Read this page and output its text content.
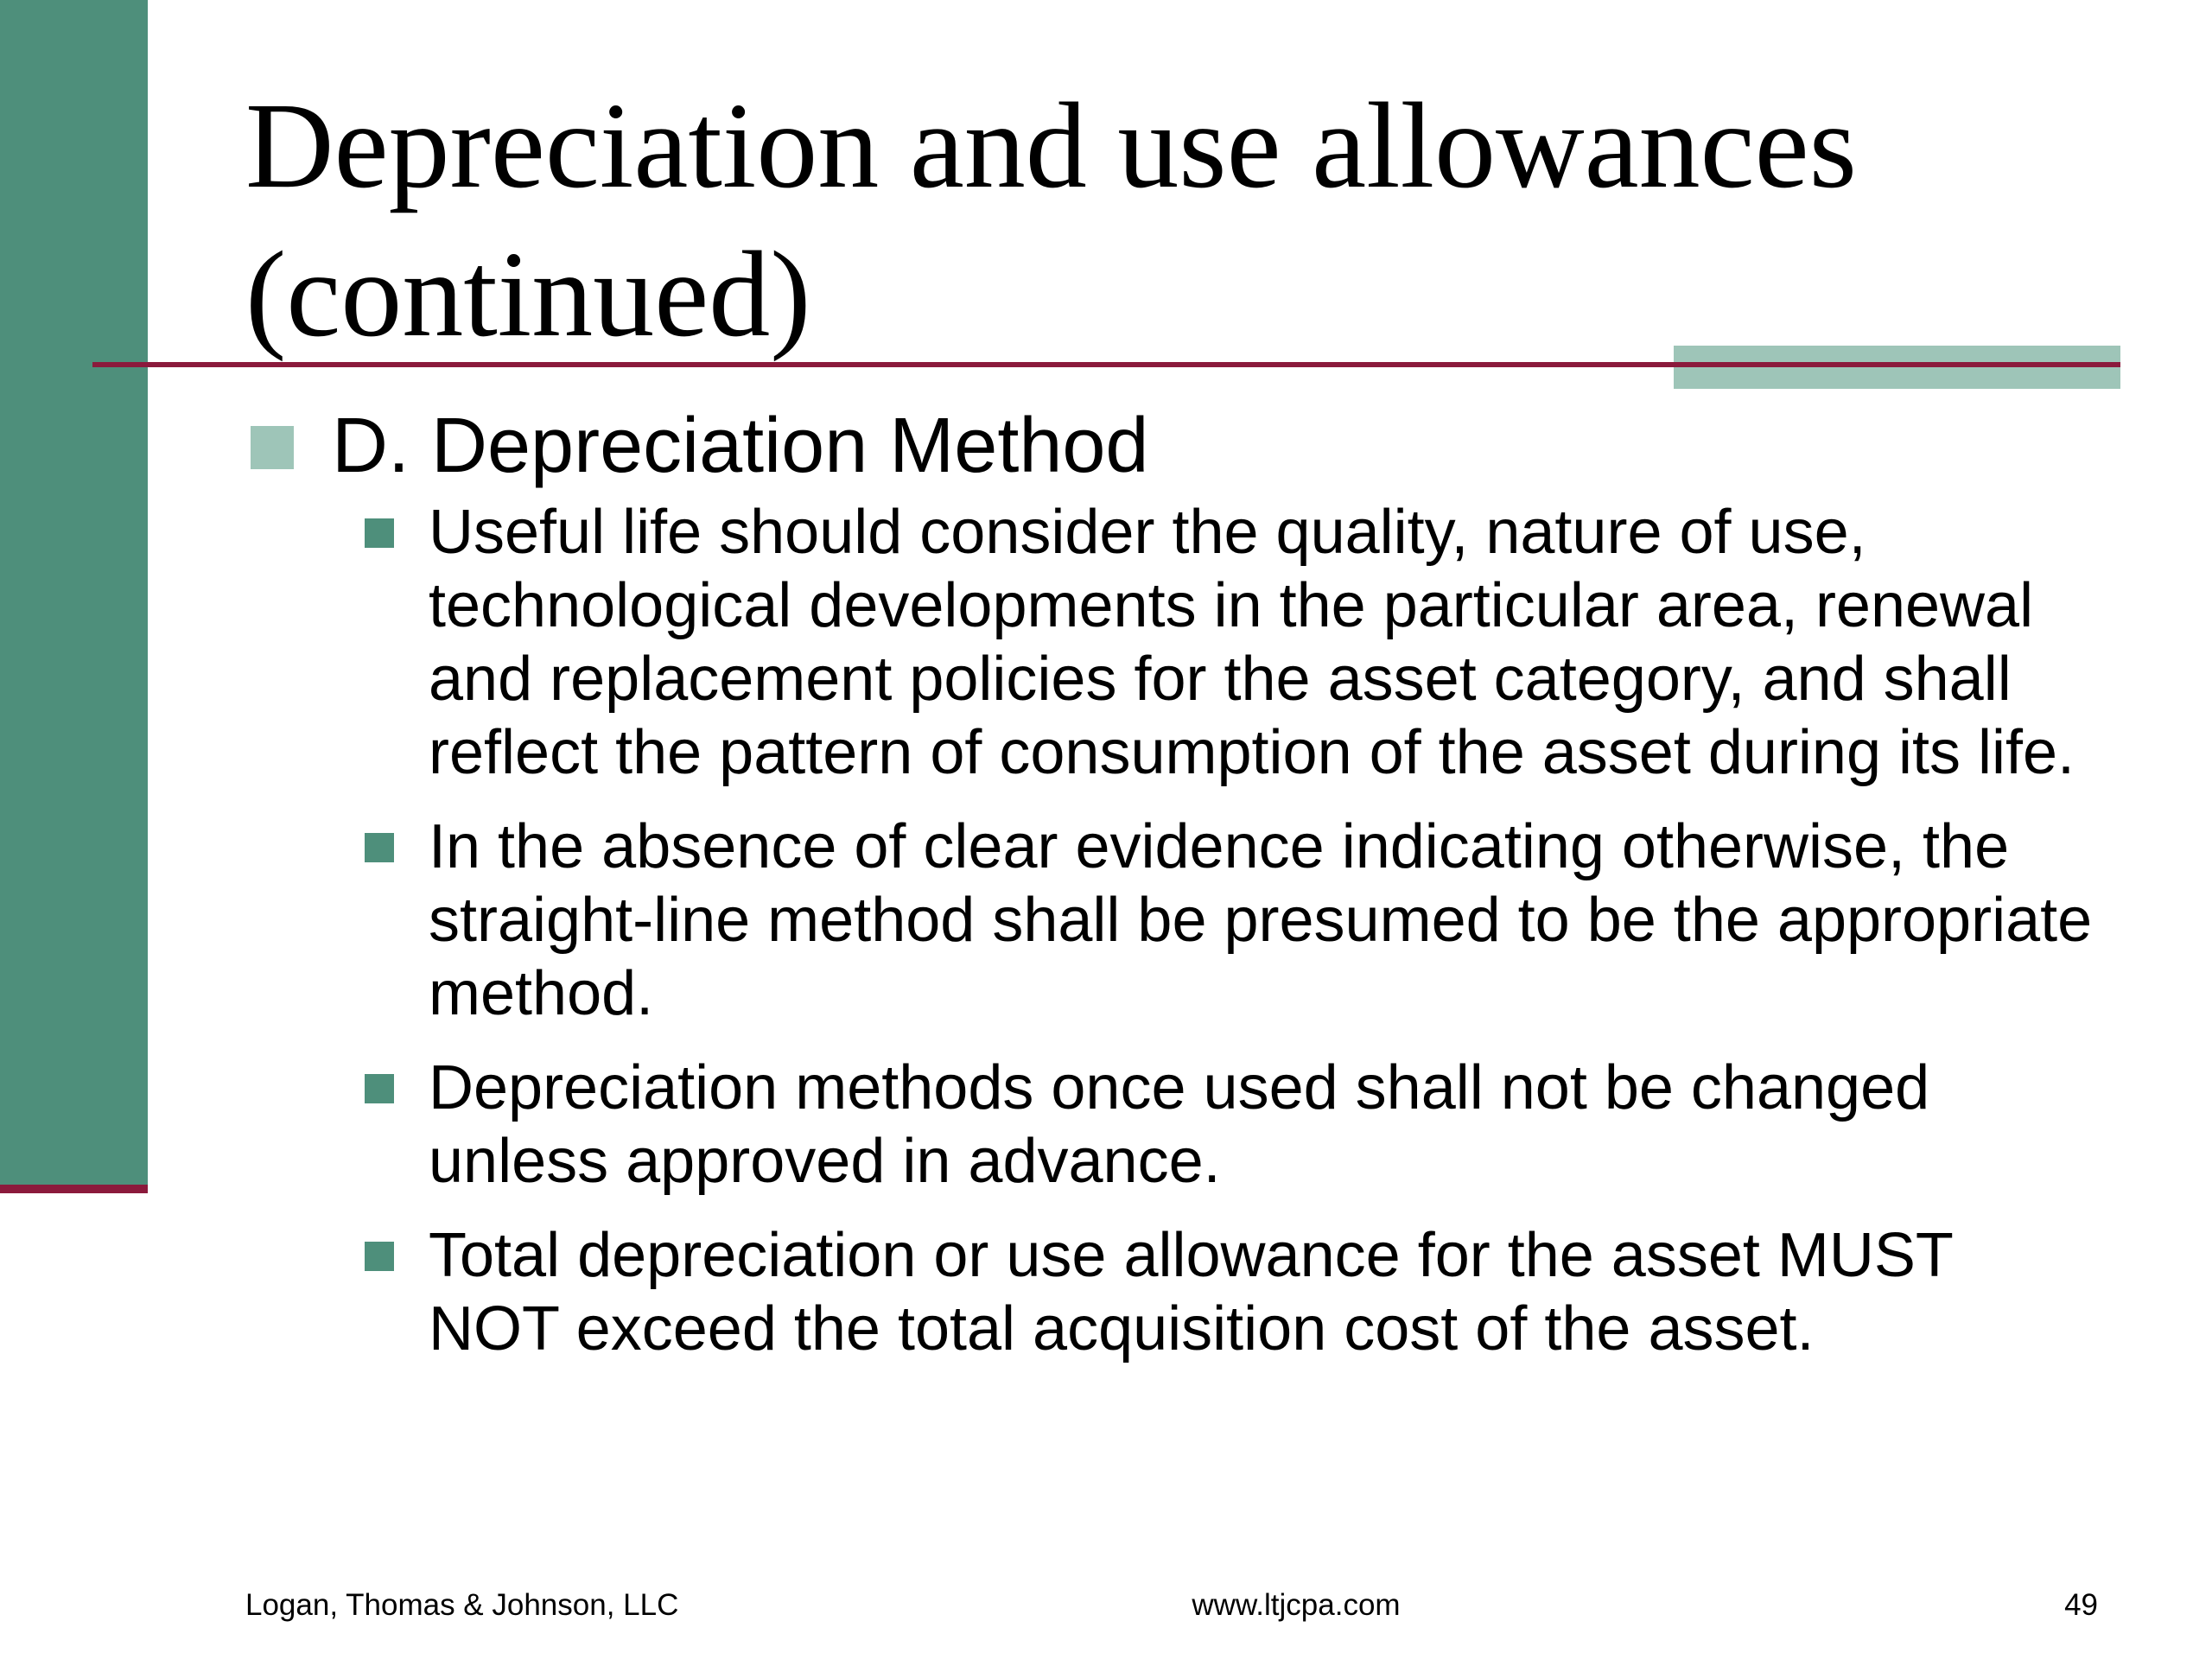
Depreciation and use allowances
(continued)
D. Depreciation Method
Useful life should consider the quality, nature of use, technological developments in the particular area, renewal and replacement policies for the asset category, and shall reflect the pattern of consumption of the asset during its life.
In the absence of clear evidence indicating otherwise, the straight-line method shall be presumed to be the appropriate method.
Depreciation methods once used shall not be changed unless approved in advance.
Total depreciation or use allowance for the asset MUST NOT exceed the total acquisition cost of the asset.
Logan, Thomas & Johnson, LLC	www.ltjcpa.com	49
